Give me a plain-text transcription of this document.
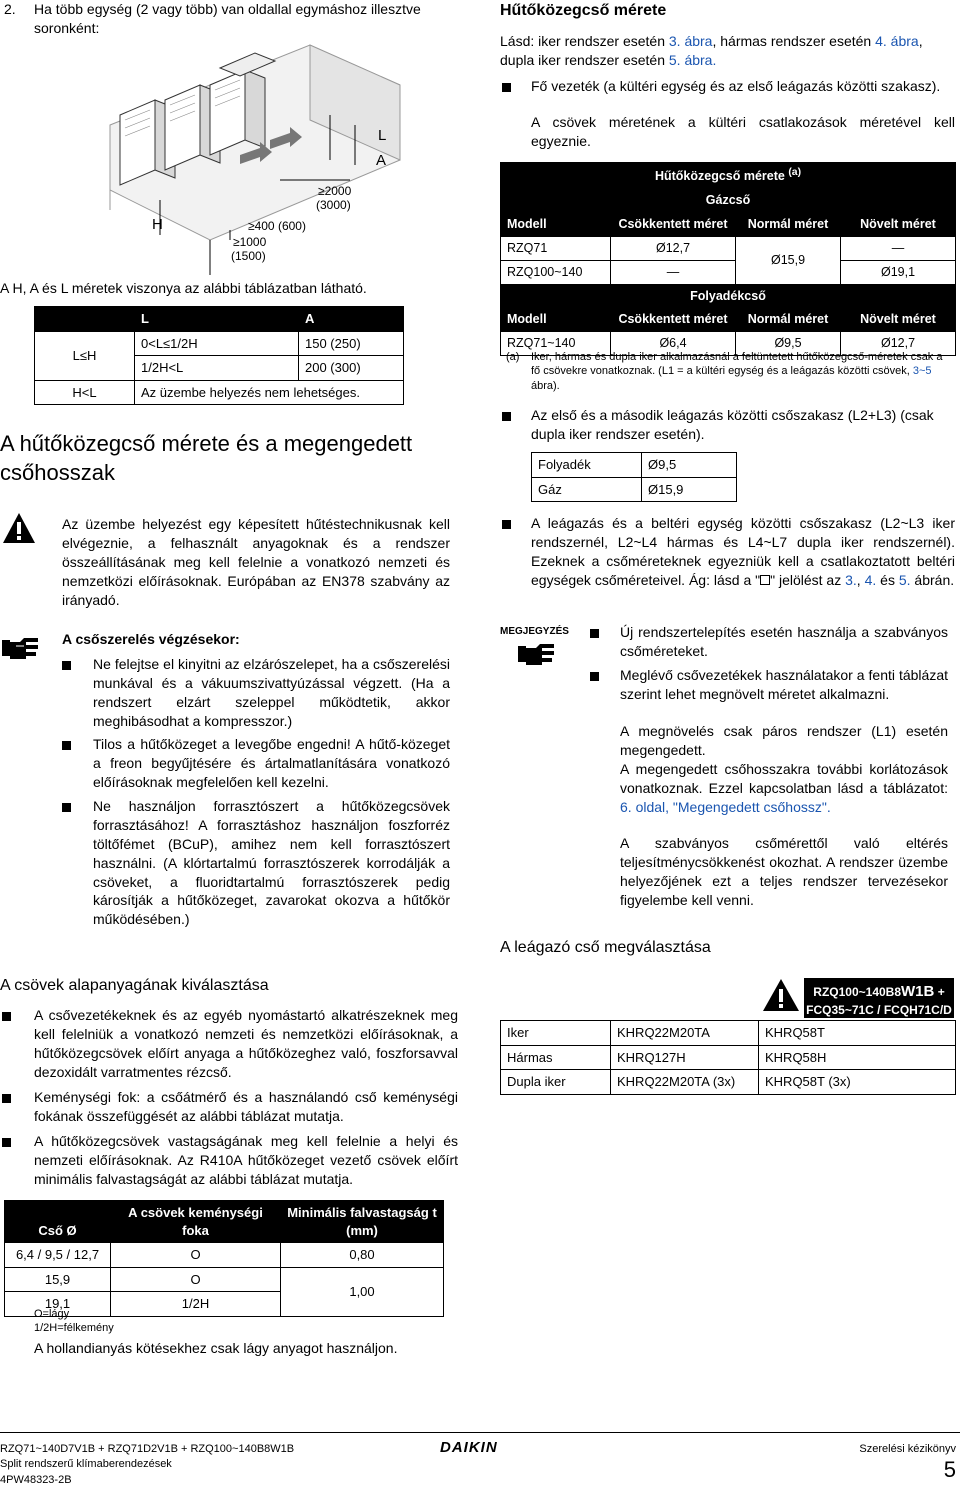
2. Ha több egység (2 vagy több) van oldallal egymáshoz illesztve soronként:
L
A
H
≥2000
(3000)
≥400 (600)
≥1000
(1500)
A H, A és L méretek viszonya az alábbi táblázatban látható.
	L	A
L≤H	0<L≤1/2H	150 (250)
	1/2H<L	200 (300)
H<L	Az üzembe helyezés nem lehetséges.	
A hűtőközegcső mérete és a megengedett csőhosszak
Az üzembe helyezést egy képesített hűtéstechnikusnak kell elvégeznie, a felhasznált anyagoknak és a rendszer összeállításának meg kell felelnie a vonatkozó nemzeti és nemzetközi előírásoknak. Európában az EN378 szabvány az irányadó.
A csőszerelés végzésekor:
Ne felejtse el kinyitni az elzárószelepet, ha a csőszerelési munkával és a vákuumszivattyúzással végzett. (Ha a rendszert elzárt szeleppel működtetik, akkor meghibásodhat a kompresszor.)
Tilos a hűtőközeget a levegőbe engedni! A hűtő-közeget a freon begyűjtésére és ártalmatlanítására vonatkozó előírásoknak megfelelően kell kezelni.
Ne használjon forrasztószert a hűtőközegcsövek forrasztásához! A forrasztáshoz használjon foszforréz töltőfémet (BCuP), amihez nem kell forrasztószert használni. (A klórtartalmú forrasztószerek korrodálják a csöveket, a fluoridtartalmú forrasztószerek pedig károsítják a hűtőközeget, zavarokat okozva a hűtőkör működésében.)
A csövek alapanyagának kiválasztása
A csővezetékeknek és az egyéb nyomástartó alkatrészeknek meg kell felelniük a vonatkozó nemzeti és nemzetközi előírásoknak, a hűtőközegcsövek előírt anyaga a hűtőközeghez való, foszforsavval dezoxidált varratmentes rézcső.
Keménységi fok: a csőátmérő és a használandó cső keménységi fokának összefüggését az alábbi táblázat mutatja.
A hűtőközegcsövek vastagságának meg kell felelnie a helyi és nemzeti előírásoknak. Az R410A hűtőközeget vezető csövek előírt minimális falvastagságát az alábbi táblázat mutatja.
Cső Ø	A csövek keménységi foka	Minimális falvastagság t (mm)
6,4 / 9,5 / 12,7	O	0,80
15,9	O	1,00
19,1	1/2H	
O=lágy
1/2H=félkemény
A hollandianyás kötésekhez csak lágy anyagot használjon.
Hűtőközegcső mérete
Lásd: iker rendszer esetén 3. ábra, hármas rendszer esetén 4. ábra, dupla iker rendszer esetén 5. ábra.
Fő vezeték (a kültéri egység és az első leágazás közötti szakasz).
A csövek méretének a kültéri csatlakozások méretével kell egyeznie.
Hűtőközegcső mérete $^{(a)}$
Gázcső			
Modell	Csökkentett méret	Normál méret	Növelt méret
RZQ71	Ø12,7	Ø15,9	—
RZQ100~140	—		Ø19,1
Folyadékcső			
Modell	Csökkentett méret	Normál méret	Növelt méret
RZQ71~140	Ø6,4	Ø9,5	Ø12,7
(a) Iker, hármas és dupla iker alkalmazásnál a feltüntetett hűtőközegcső-méretek csak a fő csövekre vonatkoznak. (L1 = a kültéri egység és a leágazás közötti csövek, 3~5 ábra).
Az első és a második leágazás közötti csőszakasz (L2+L3) (csak dupla iker rendszer esetén).
Folyadék	Ø9,5
Gáz	Ø15,9
A leágazás és a beltéri egység közötti csőszakasz (L2~L3 iker rendszernél, L2~L4 hármas és L4~L7 dupla iker rendszernél). Ezeknek a csőméreteknek egyezniük kell a csatlakoztatott beltéri egységek csőméreteivel. Ág: lásd a " " jelölést az 3., 4. és 5. ábrán.
MEGJEGYZÉS	Új rendszertelepítés esetén használja a szabványos csőméreteket.
Meglévő csővezetékek használatakor a fenti táblázat szerint lehet megnövelt méretet alkalmazni.
A megnövelés csak páros rendszer (L1) esetén megengedett.
A megengedett csőhosszakra további korlátozások vonatkoznak. Ezzel kapcsolatban lásd a táblázatot: 6. oldal, "Megengedett csőhossz".
A szabványos csőmérettől való eltérés teljesítménycsökkenést okozhat. A rendszer üzembe helyezőjének ezt a teljes rendszer tervezésekor figyelembe kell venni.
A leágazó cső megválasztása
RZQ100~140B8W1B +
FCQ35~71C / FCQH71C/D
Iker	KHRQ22M20TA	KHRQ58T
Hármas	KHRQ127H	KHRQ58H
Dupla iker	KHRQ22M20TA (3x)	KHRQ58T (3x)
RZQ71~140D7V1B + RZQ71D2V1B + RZQ100~140B8W1B
Split rendszerű klímaberendezések
4PW48323-2B
DAIKIN	Szerelési kézikönyv
5
